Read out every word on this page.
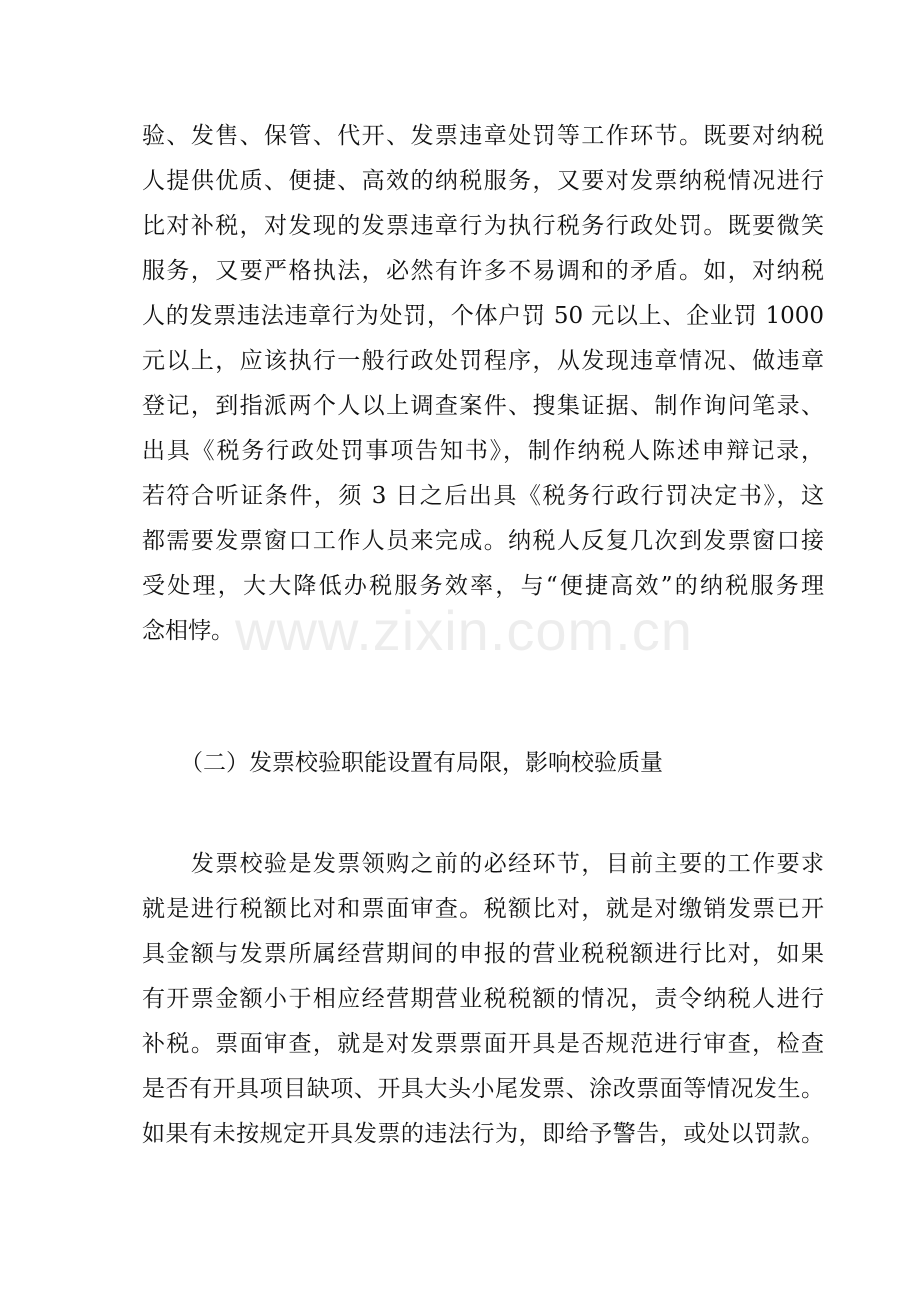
www.zixin.com.cn
验、发售、保管、代开、发票违章处罚等工作环节。既要对纳税
人提供优质、便捷、高效的纳税服务，又要对发票纳税情况进行
比对补税，对发现的发票违章行为执行税务行政处罚。既要微笑
服务，又要严格执法，必然有许多不易调和的矛盾。如，对纳税
人的发票违法违章行为处罚，个体户罚 50 元以上、企业罚 1000
元以上，应该执行一般行政处罚程序，从发现违章情况、做违章
登记，到指派两个人以上调查案件、搜集证据、制作询问笔录、
出具《税务行政处罚事项告知书》，制作纳税人陈述申辩记录，
若符合听证条件，须 3 日之后出具《税务行政行罚决定书》，这
都需要发票窗口工作人员来完成。纳税人反复几次到发票窗口接
受处理，大大降低办税服务效率，与“便捷高效”的纳税服务理
念相悖。
（二）发票校验职能设置有局限，影响校验质量
　　发票校验是发票领购之前的必经环节，目前主要的工作要求
就是进行税额比对和票面审查。税额比对，就是对缴销发票已开
具金额与发票所属经营期间的申报的营业税税额进行比对，如果
有开票金额小于相应经营期营业税税额的情况，责令纳税人进行
补税。票面审查，就是对发票票面开具是否规范进行审查，检查
是否有开具项目缺项、开具大头小尾发票、涂改票面等情况发生。
如果有未按规定开具发票的违法行为，即给予警告，或处以罚款。
